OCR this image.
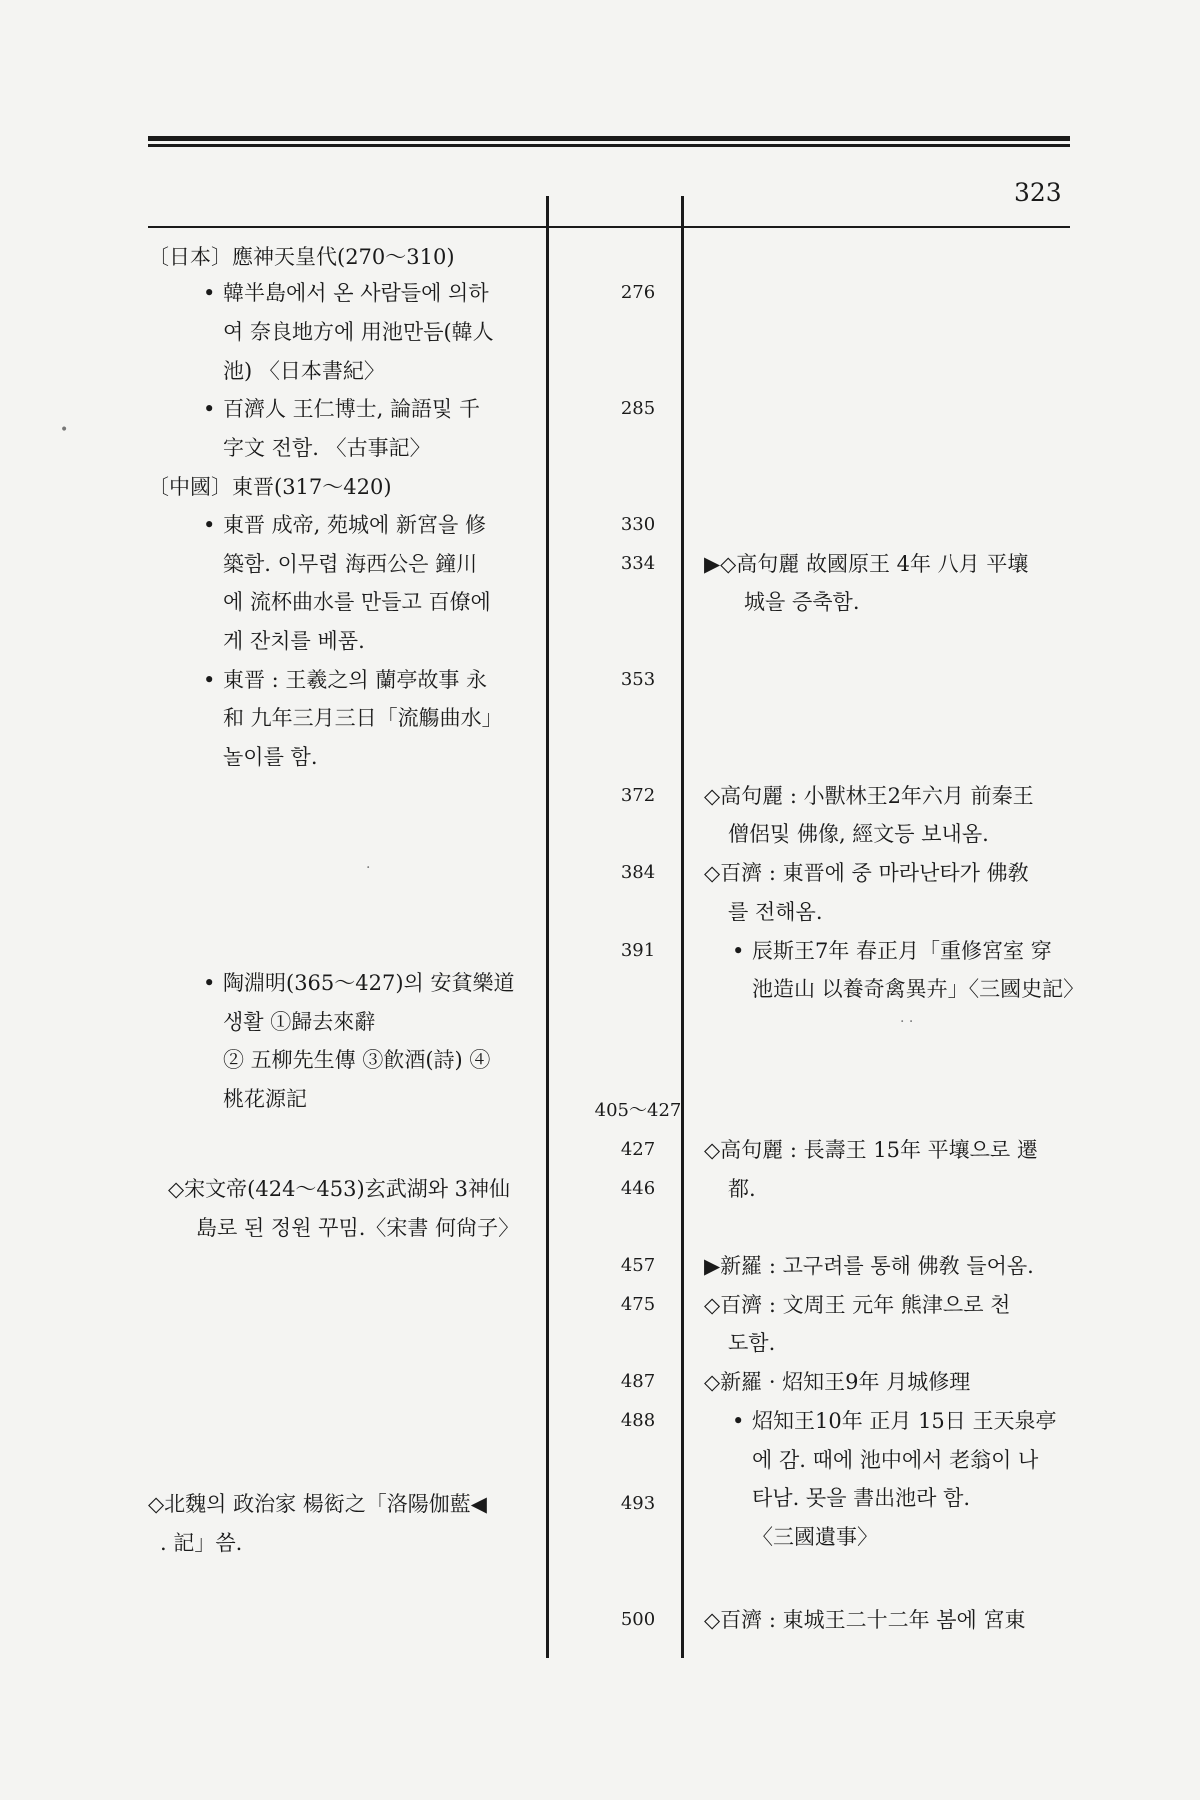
323
〔日本〕應神天皇代(270～310)
• 韓半島에서 온 사람들에 의하
여 奈良地方에 用池만듬(韓人
池) 〈日本書紀〉
• 百濟人 王仁博士, 論語및 千
字文 전함. 〈古事記〉
〔中國〕東晋(317～420)
• 東晋 成帝, 苑城에 新宮을 修
築함. 이무렵 海西公은 鐘川
에 流杯曲水를 만들고 百僚에
게 잔치를 베품.
• 東晋 : 王羲之의 蘭亭故事 永
和 九年三月三日「流觴曲水」
놀이를 함.
• 陶淵明(365～427)의 安貧樂道
생활 ①歸去來辭
② 五柳先生傳 ③飮酒(詩) ④
桃花源記
◇宋文帝(424～453)玄武湖와 3神仙
島로 된 정원 꾸밈.〈宋書 何尙子〉
◇北魏의 政治家 楊衒之「洛陽伽藍◀
. 記」씀.
276
285
330
334
353
372
384
391
405～427
427
446
457
475
487
488
493
500
▶◇高句麗 故國原王 4年 八月 平壤
城을 증축함.
◇高句麗 : 小獸林王2年六月 前秦王
僧侶및 佛像, 經文등 보내옴.
◇百濟 : 東晋에 중 마라난타가 佛敎
를 전해옴.
• 辰斯王7年 春正月「重修宮室 穿
池造山 以養奇禽異卉」〈三國史記〉
◇高句麗 : 長壽王 15年 平壤으로 遷
都.
▶新羅 : 고구려를 통해 佛敎 들어옴.
◇百濟 : 文周王 元年 熊津으로 천
도함.
◇新羅 · 炤知王9年 月城修理
• 炤知王10年 正月 15日 王天泉亭
에 감. 때에 池中에서 老翁이 나
타남. 못을 書出池라 함.
〈三國遺事〉
◇百濟 : 東城王二十二年 봄에 宮東
•
·
· ·
